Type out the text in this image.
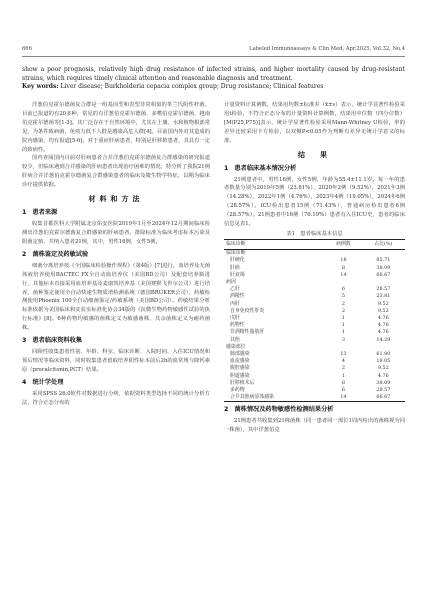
666	Labeled Immunoassays & Clin Med, Apr.2025, Vol.32, No.4
show a poor prognosis, relatively high drug resistance of infected strains, and higher mortality caused by drug-resistant strains, which requires timely clinical attention and reasonable diagnosis and treatment.
Key words: Liver disease; Burkholderia cepacia complex group; Drug resistance; Clinical features

洋葱伯克霍尔德菌复合群是一组基因型和表型非常相似的革兰氏阴性杆菌。目前已报道的有20多种，常见的有洋葱伯克霍尔德菌、多嗜伯克霍尔德菌、越南伯克霍尔德菌等[1-3]。其广泛存在于自然环境中，尤其在土壤、水和植物根部常见，为条件致病菌，免疫力低下人群是感染高危人群[4]。目前国内外对其造成的院内感染，均有报道[5-6]。对于重症肝病患者，特别是肝移植患者，其具有一定的致病性。

国内查阅国内目前对肝病患者合并洋葱伯克霍尔德菌复合群感染的研究报道较少，但临床遇到合并感染的肝病患者出现治疗困难的情况，特分析了我院21例肝病合并洋葱伯克霍尔德菌复合群感染患者的临床及微生物学特征，以期为临床诊疗提供依据。

材料和方法
1　患者来源

收集首都医科大学附属北京佑安医院2019年1月至2024年12月期间临床检测出洋葱伯克霍尔德菌复合群感染的肝病患者，排除标准为临床考虑标本污染及阴菌定植，共纳入患者21例，其中，男性16例，女性5例。

2　菌株鉴定及药敏试验

细菌分离培养按《全国临床检验操作规程》（第4版）[7]进行，血培养及无菌体液培养使用BACTEC FX全自动血培养仪（美国BD公司）及配套培养瓶进行，其他标本直接采用血培养基及麦康凯培养基（美国赛默飞世尔公司）进行培养，菌种鉴定使用全自动快速生物质谱检测系统（德国BRUKER公司）、药敏检测使用Phoenix 100全自动细菌鉴定/药敏系统（美国BD公司）。药敏结果分析标准依据为美国临床和实验室标准化协会34版的《抗微生物药物敏感性试验的执行标准》[8]。6种药物均敏感的菌株定义为敏感菌株，其余菌株定义为耐药菌株。

3　患者临床资料收集

回顾性收集患者性别、年龄、科室、临床诊断、入院时间、入住ICU情况和预后情况等临床资料，同时收集患者留取培养阳性标本前后2h的血常规与降钙素原（procalcitonin,PCT）结果。

4　统计学处理

采用SPSS 26.0软件对数据进行分析，依据资料类型选择不同的统计分析方法，符合正态分布的

计量资料计算例数，结果用均数±标准差（x̄±s）表示，统计学显著性检验采用t检验，不符合正态分布的计量资料计算例数，结果用中位数（四分位数）[M(P25,P75)]表示，统计学显著性检验采用Mann-Whitney U检验，率的差异比较采用卡方检验，以双侧P<0.05作为判断有差异无统计学意义的标准。

结　果
1　患者临床基本情况分析

21例患者中，男性16例，女性5例，年龄为55.4±11.1岁。每一年的患者数量分别为2019年5例（23.81%），2020年2例（9.52%），2021年3例（14.28%），2022年1例（4.76%），2023年4例（19.05%），2024年6例（28.57%）。ICU检出患者15例（71.43%），普通病房检出患者6例（28.57%）。21例患者中16例（76.19%）患者有入住ICU史，患者的临床信息见表1。

表1　患者临床基本信息
临床诊断	病例数	占比(%)
临床诊断		
肝硬化	18	85.71
肝癌	8	38.09
肝衰竭	14	66.67
病因		
乙肝	6	28.57
酒精性	5	23.81
丙肝	2	9.52
自身免疫性肝炎	2	9.52
戊肝	1	4.76
药物性	1	4.76
非酒精性脂肪肝	1	4.76
其他	3	14.29
感染部位		
肺部感染	13	61.90
血流感染	4	19.05
腹腔感染	2	9.52
胆道感染	1	4.76
肝移植术后	8	38.09
多药物	6	28.57
合并其他病原体感染	14	66.67
2　菌株情况及药物敏感性检测结果分析

21例患者共收集到21株菌株（同一患者同一部位1周内检出的菌株视为同一株菌），其中洋葱伯克
